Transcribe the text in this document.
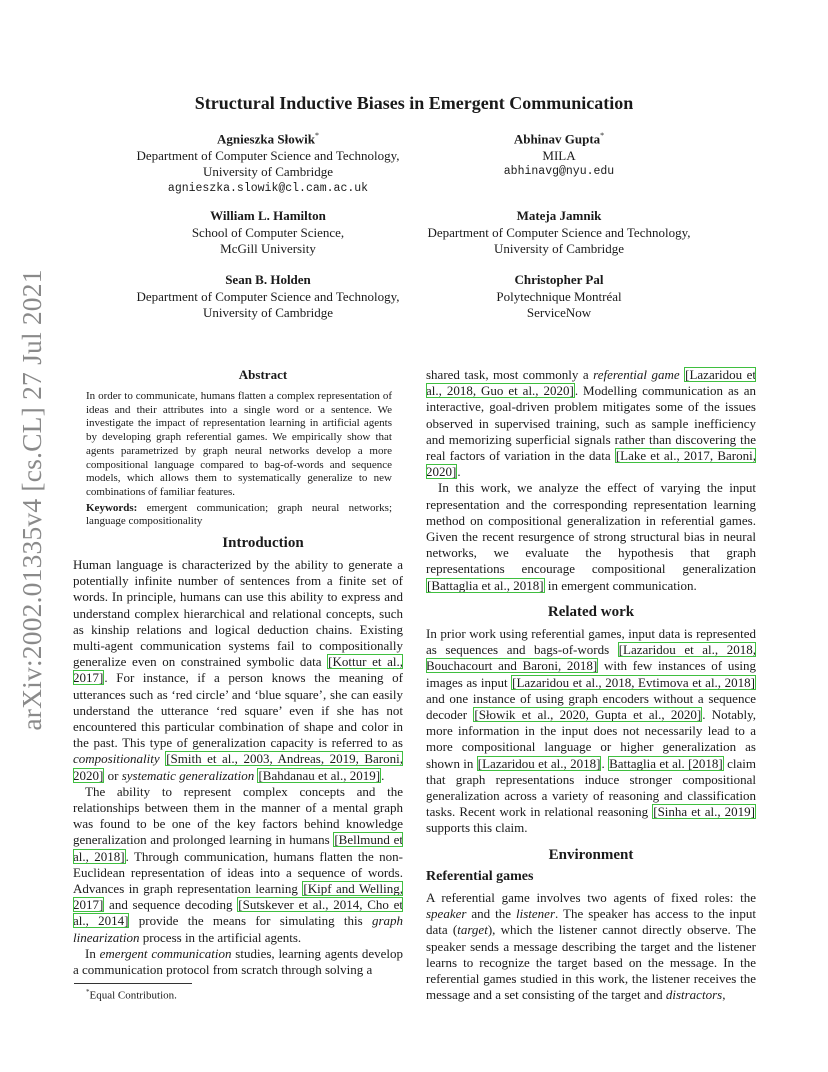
arXiv:2002.01335v4 [cs.CL] 27 Jul 2021
Structural Inductive Biases in Emergent Communication
Agnieszka Słowik*
Department of Computer Science and Technology,
University of Cambridge
agnieszka.slowik@cl.cam.ac.uk
Abhinav Gupta*
MILA
abhinavg@nyu.edu
William L. Hamilton
School of Computer Science,
McGill University
Mateja Jamnik
Department of Computer Science and Technology,
University of Cambridge
Sean B. Holden
Department of Computer Science and Technology,
University of Cambridge
Christopher Pal
Polytechnique Montréal
ServiceNow
Abstract
In order to communicate, humans flatten a complex representation of ideas and their attributes into a single word or a sentence. We investigate the impact of representation learning in artificial agents by developing graph referential games. We empirically show that agents parametrized by graph neural networks develop a more compositional language compared to bag-of-words and sequence models, which allows them to systematically generalize to new combinations of familiar features.
Keywords: emergent communication; graph neural networks; language compositionality
Introduction

Human language is characterized by the ability to generate a potentially infinite number of sentences from a finite set of words. In principle, humans can use this ability to express and understand complex hierarchical and relational concepts, such as kinship relations and logical deduction chains. Existing multi-agent communication systems fail to compositionally generalize even on constrained symbolic data [Kottur et al., 2017]. For instance, if a person knows the meaning of utterances such as ‘red circle’ and ‘blue square’, she can easily understand the utterance ‘red square’ even if she has not encountered this particular combination of shape and color in the past. This type of generalization capacity is referred to as compositionality [Smith et al., 2003, Andreas, 2019, Baroni, 2020] or systematic generalization [Bahdanau et al., 2019].

The ability to represent complex concepts and the relationships between them in the manner of a mental graph was found to be one of the key factors behind knowledge generalization and prolonged learning in humans [Bellmund et al., 2018]. Through communication, humans flatten the non-Euclidean representation of ideas into a sequence of words. Advances in graph representation learning [Kipf and Welling, 2017] and sequence decoding [Sutskever et al., 2014, Cho et al., 2014] provide the means for simulating this graph linearization process in the artificial agents.

In emergent communication studies, learning agents develop a communication protocol from scratch through solving a

*Equal Contribution.

shared task, most commonly a referential game [Lazaridou et al., 2018, Guo et al., 2020]. Modelling communication as an interactive, goal-driven problem mitigates some of the issues observed in supervised training, such as sample inefficiency and memorizing superficial signals rather than discovering the real factors of variation in the data [Lake et al., 2017, Baroni, 2020].

In this work, we analyze the effect of varying the input representation and the corresponding representation learning method on compositional generalization in referential games. Given the recent resurgence of strong structural bias in neural networks, we evaluate the hypothesis that graph representations encourage compositional generalization [Battaglia et al., 2018] in emergent communication.

Related work

In prior work using referential games, input data is represented as sequences and bags-of-words [Lazaridou et al., 2018, Bouchacourt and Baroni, 2018] with few instances of using images as input [Lazaridou et al., 2018, Evtimova et al., 2018] and one instance of using graph encoders without a sequence decoder [Słowik et al., 2020, Gupta et al., 2020]. Notably, more information in the input does not necessarily lead to a more compositional language or higher generalization as shown in [Lazaridou et al., 2018]. Battaglia et al. [2018] claim that graph representations induce stronger compositional generalization across a variety of reasoning and classification tasks. Recent work in relational reasoning [Sinha et al., 2019] supports this claim.

Environment
Referential games

A referential game involves two agents of fixed roles: the speaker and the listener. The speaker has access to the input data (target), which the listener cannot directly observe. The speaker sends a message describing the target and the listener learns to recognize the target based on the message. In the referential games studied in this work, the listener receives the message and a set consisting of the target and distractors,
